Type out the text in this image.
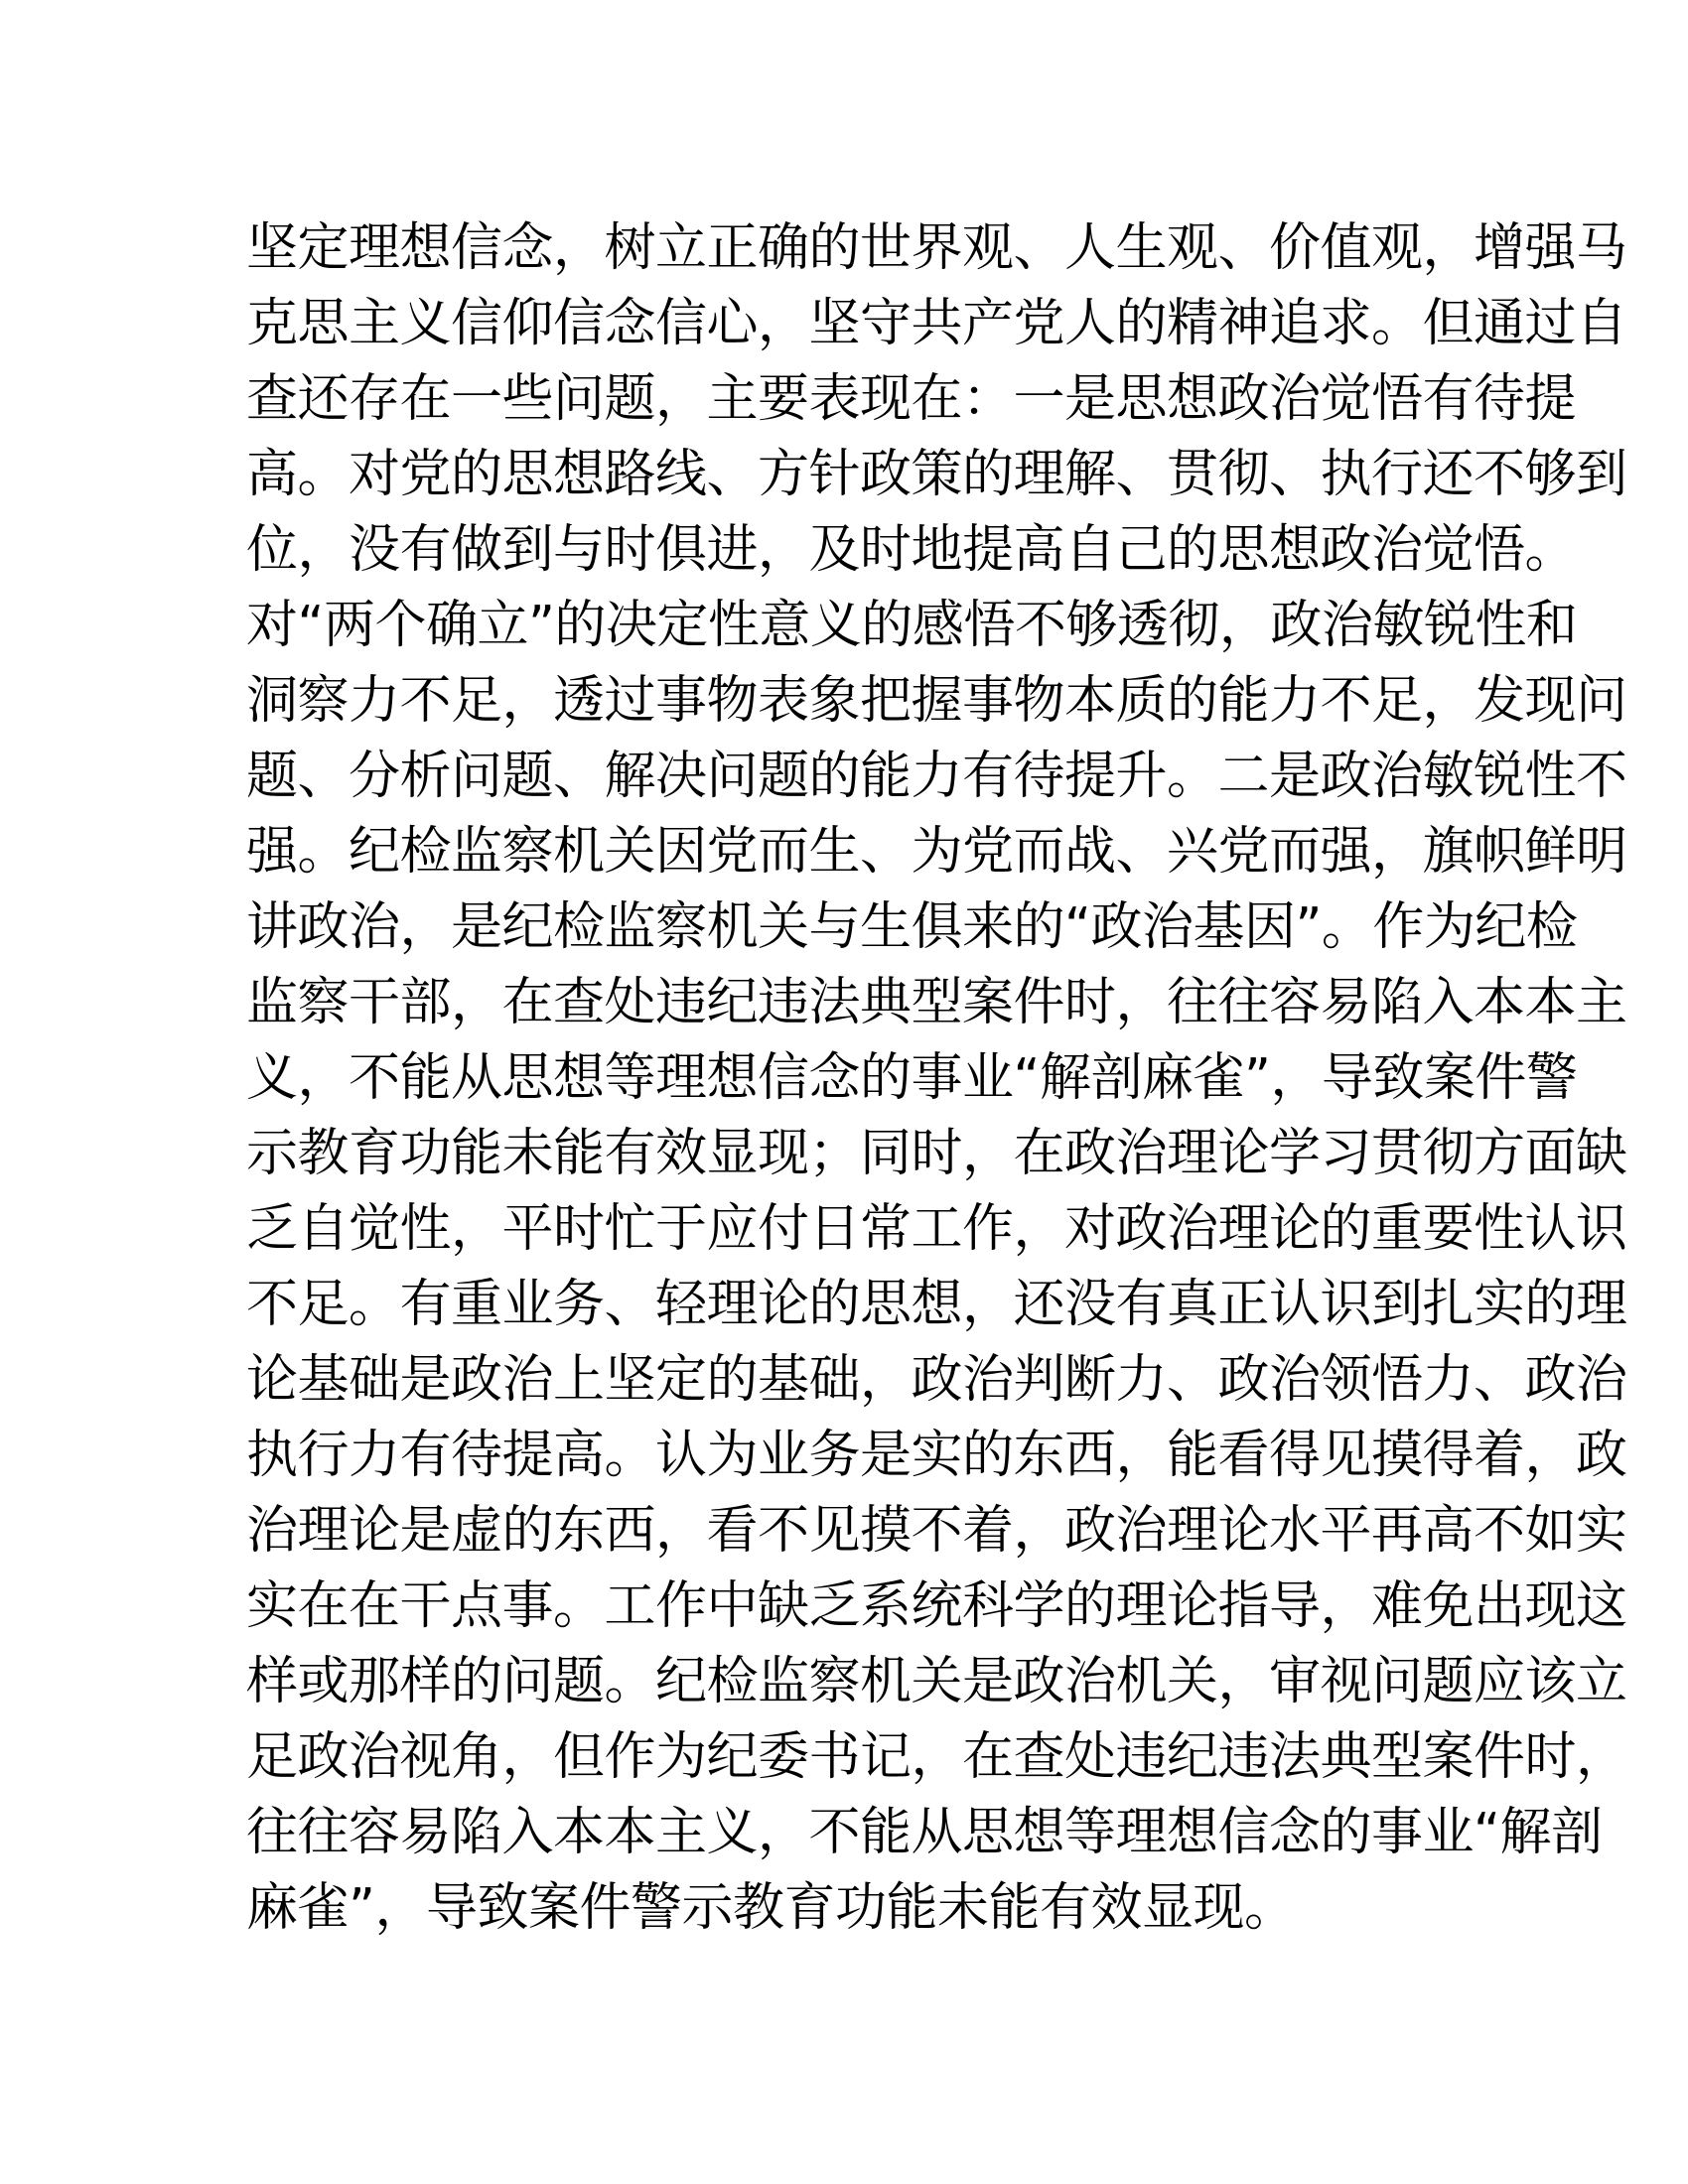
坚定理想信念，树立正确的世界观、人生观、价值观，增强马
克思主义信仰信念信心，坚守共产党人的精神追求。但通过自
查还存在一些问题，主要表现在：一是思想政治觉悟有待提
高。对党的思想路线、方针政策的理解、贯彻、执行还不够到
位，没有做到与时俱进，及时地提高自己的思想政治觉悟。
对“两个确立”的决定性意义的感悟不够透彻，政治敏锐性和
洞察力不足，透过事物表象把握事物本质的能力不足，发现问
题、分析问题、解决问题的能力有待提升。二是政治敏锐性不
强。纪检监察机关因党而生、为党而战、兴党而强，旗帜鲜明
讲政治，是纪检监察机关与生俱来的“政治基因”。作为纪检
监察干部，在查处违纪违法典型案件时，往往容易陷入本本主
义，不能从思想等理想信念的事业“解剖麻雀”，导致案件警
示教育功能未能有效显现；同时，在政治理论学习贯彻方面缺
乏自觉性，平时忙于应付日常工作，对政治理论的重要性认识
不足。有重业务、轻理论的思想，还没有真正认识到扎实的理
论基础是政治上坚定的基础，政治判断力、政治领悟力、政治
执行力有待提高。认为业务是实的东西，能看得见摸得着，政
治理论是虚的东西，看不见摸不着，政治理论水平再高不如实
实在在干点事。工作中缺乏系统科学的理论指导，难免出现这
样或那样的问题。纪检监察机关是政治机关，审视问题应该立
足政治视角，但作为纪委书记，在查处违纪违法典型案件时，
往往容易陷入本本主义，不能从思想等理想信念的事业“解剖
麻雀”，导致案件警示教育功能未能有效显现。
